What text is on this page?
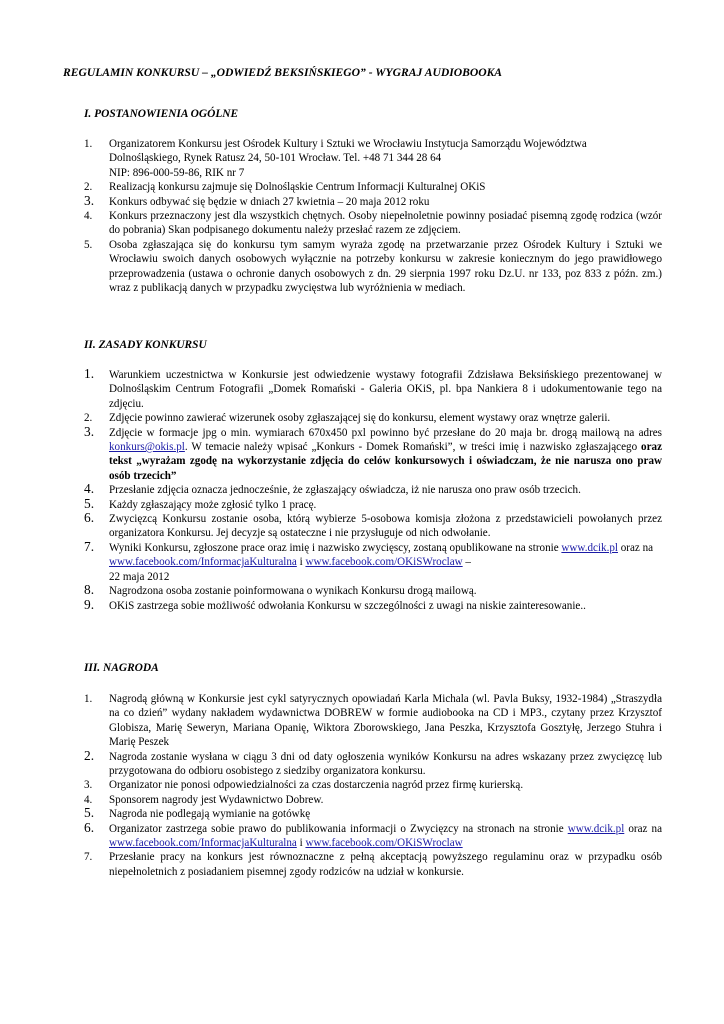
REGULAMIN KONKURSU – „ODWIEDŹ BEKSIŃSKIEGO” - WYGRAJ AUDIOBOOKA
I. POSTANOWIENIA OGÓLNE
1.	Organizatorem Konkursu jest Ośrodek Kultury i Sztuki we Wrocławiu Instytucja Samorządu Województwa
Dolnośląskiego, Rynek Ratusz 24, 50-101 Wrocław. Tel. +48 71 344 28 64
NIP: 896-000-59-86, RIK nr 7
2.	Realizacją konkursu zajmuje się Dolnośląskie Centrum Informacji Kulturalnej OKiS
3.	Konkurs odbywać się będzie w dniach 27 kwietnia – 20 maja 2012 roku
4.	Konkurs przeznaczony jest dla wszystkich chętnych. Osoby niepełnoletnie powinny posiadać pisemną zgodę rodzica (wzór do pobrania) Skan podpisanego dokumentu należy przesłać razem ze zdjęciem.
5.	Osoba zgłaszająca się do konkursu tym samym wyraża zgodę na przetwarzanie przez Ośrodek Kultury i Sztuki we Wrocławiu swoich danych osobowych wyłącznie na potrzeby konkursu w zakresie koniecznym do jego prawidłowego przeprowadzenia (ustawa o ochronie danych osobowych z dn. 29 sierpnia 1997 roku Dz.U. nr 133, poz 833 z późn. zm.) wraz z publikacją danych w przypadku zwycięstwa lub wyróżnienia w mediach.
II. ZASADY KONKURSU
1.	Warunkiem uczestnictwa w Konkursie jest odwiedzenie wystawy fotografii Zdzisława Beksińskiego prezentowanej w Dolnośląskim Centrum Fotografii „Domek Romański - Galeria OKiS, pl. bpa Nankiera 8 i udokumentowanie tego na zdjęciu.
2.	Zdjęcie powinno zawierać wizerunek osoby zgłaszającej się do konkursu, element wystawy oraz wnętrze galerii.
3.	Zdjęcie w formacje jpg o min. wymiarach 670x450 pxl powinno być przesłane do 20 maja br. drogą mailową na adres konkurs@okis.pl. W temacie należy wpisać „Konkurs - Domek Romański”, w treści imię i nazwisko zgłaszającego oraz tekst „wyrażam zgodę na wykorzystanie zdjęcia do celów konkursowych i oświadczam, że nie narusza ono praw osób trzecich”
4.	Przesłanie zdjęcia oznacza jednocześnie, że zgłaszający oświadcza, iż nie narusza ono praw osób trzecich.
5.	Każdy zgłaszający może zgłosić tylko 1 pracę.
6.	Zwycięzcą Konkursu zostanie osoba, którą wybierze 5-osobowa komisja złożona z przedstawicieli powołanych przez organizatora Konkursu. Jej decyzje są ostateczne i nie przysługuje od nich odwołanie.
7.	Wyniki Konkursu, zgłoszone prace oraz imię i nazwisko zwycięscy, zostaną opublikowane na stronie www.dcik.pl oraz na www.facebook.com/InformacjaKulturalna i www.facebook.com/OKiSWroclaw –
22 maja 2012
8.	Nagrodzona osoba zostanie poinformowana o wynikach Konkursu drogą mailową.
9.	OKiS zastrzega sobie możliwość odwołania Konkursu w szczególności z uwagi na niskie zainteresowanie..
III. NAGRODA
1.	Nagrodą główną w Konkursie jest cykl satyrycznych opowiadań Karla Michala (wl. Pavla Buksy, 1932-1984) „Straszydła na co dzień” wydany nakładem wydawnictwa DOBREW w formie audiobooka na CD i MP3., czytany przez Krzysztof Globisza, Marię Seweryn, Mariana Opanię, Wiktora Zborowskiego, Jana Peszka, Krzysztofa Gosztyłę, Jerzego Stuhra i Marię Peszek
2.	Nagroda zostanie wysłana w ciągu 3 dni od daty ogłoszenia wyników Konkursu na adres wskazany przez zwycięzcę lub przygotowana do odbioru osobistego z siedziby organizatora konkursu.
3.	Organizator nie ponosi odpowiedzialności za czas dostarczenia nagród przez firmę kurierską.
4.	Sponsorem nagrody jest Wydawnictwo Dobrew.
5.	Nagroda nie podlegają wymianie na gotówkę
6.	Organizator zastrzega sobie prawo do publikowania informacji o Zwycięzcy na stronach na stronie www.dcik.pl oraz na www.facebook.com/InformacjaKulturalna i www.facebook.com/OKiSWroclaw
7.	Przesłanie pracy na konkurs jest równoznaczne z pełną akceptacją powyższego regulaminu oraz w przypadku osób niepełnoletnich z posiadaniem pisemnej zgody rodziców na udział w konkursie.
